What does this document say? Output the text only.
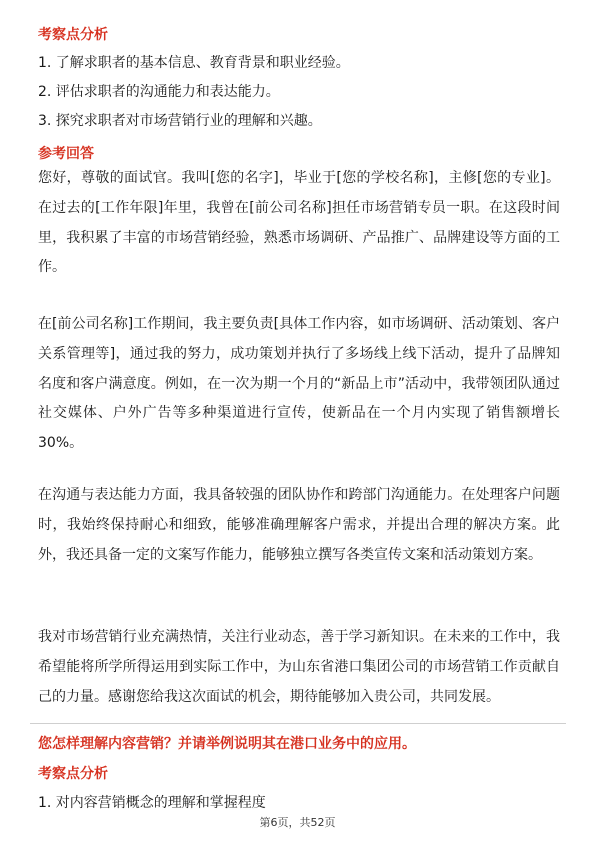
考察点分析
1. 了解求职者的基本信息、教育背景和职业经验。
2. 评估求职者的沟通能力和表达能力。
3. 探究求职者对市场营销行业的理解和兴趣。
参考回答
您好，尊敬的面试官。我叫[您的名字]，毕业于[您的学校名称]，主修[您的专业]。在过去的[工作年限]年里，我曾在[前公司名称]担任市场营销专员一职。在这段时间里，我积累了丰富的市场营销经验，熟悉市场调研、产品推广、品牌建设等方面的工作。
在[前公司名称]工作期间，我主要负责[具体工作内容，如市场调研、活动策划、客户关系管理等]，通过我的努力，成功策划并执行了多场线上线下活动，提升了品牌知名度和客户满意度。例如，在一次为期一个月的“新品上市”活动中，我带领团队通过社交媒体、户外广告等多种渠道进行宣传，使新品在一个月内实现了销售额增长30%。
在沟通与表达能力方面，我具备较强的团队协作和跨部门沟通能力。在处理客户问题时，我始终保持耐心和细致，能够准确理解客户需求，并提出合理的解决方案。此外，我还具备一定的文案写作能力，能够独立撰写各类宣传文案和活动策划方案。
我对市场营销行业充满热情，关注行业动态，善于学习新知识。在未来的工作中，我希望能将所学所得运用到实际工作中，为山东省港口集团公司的市场营销工作贡献自己的力量。感谢您给我这次面试的机会，期待能够加入贵公司，共同发展。
您怎样理解内容营销？并请举例说明其在港口业务中的应用。
考察点分析
1. 对内容营销概念的理解和掌握程度
第6页，共52页
